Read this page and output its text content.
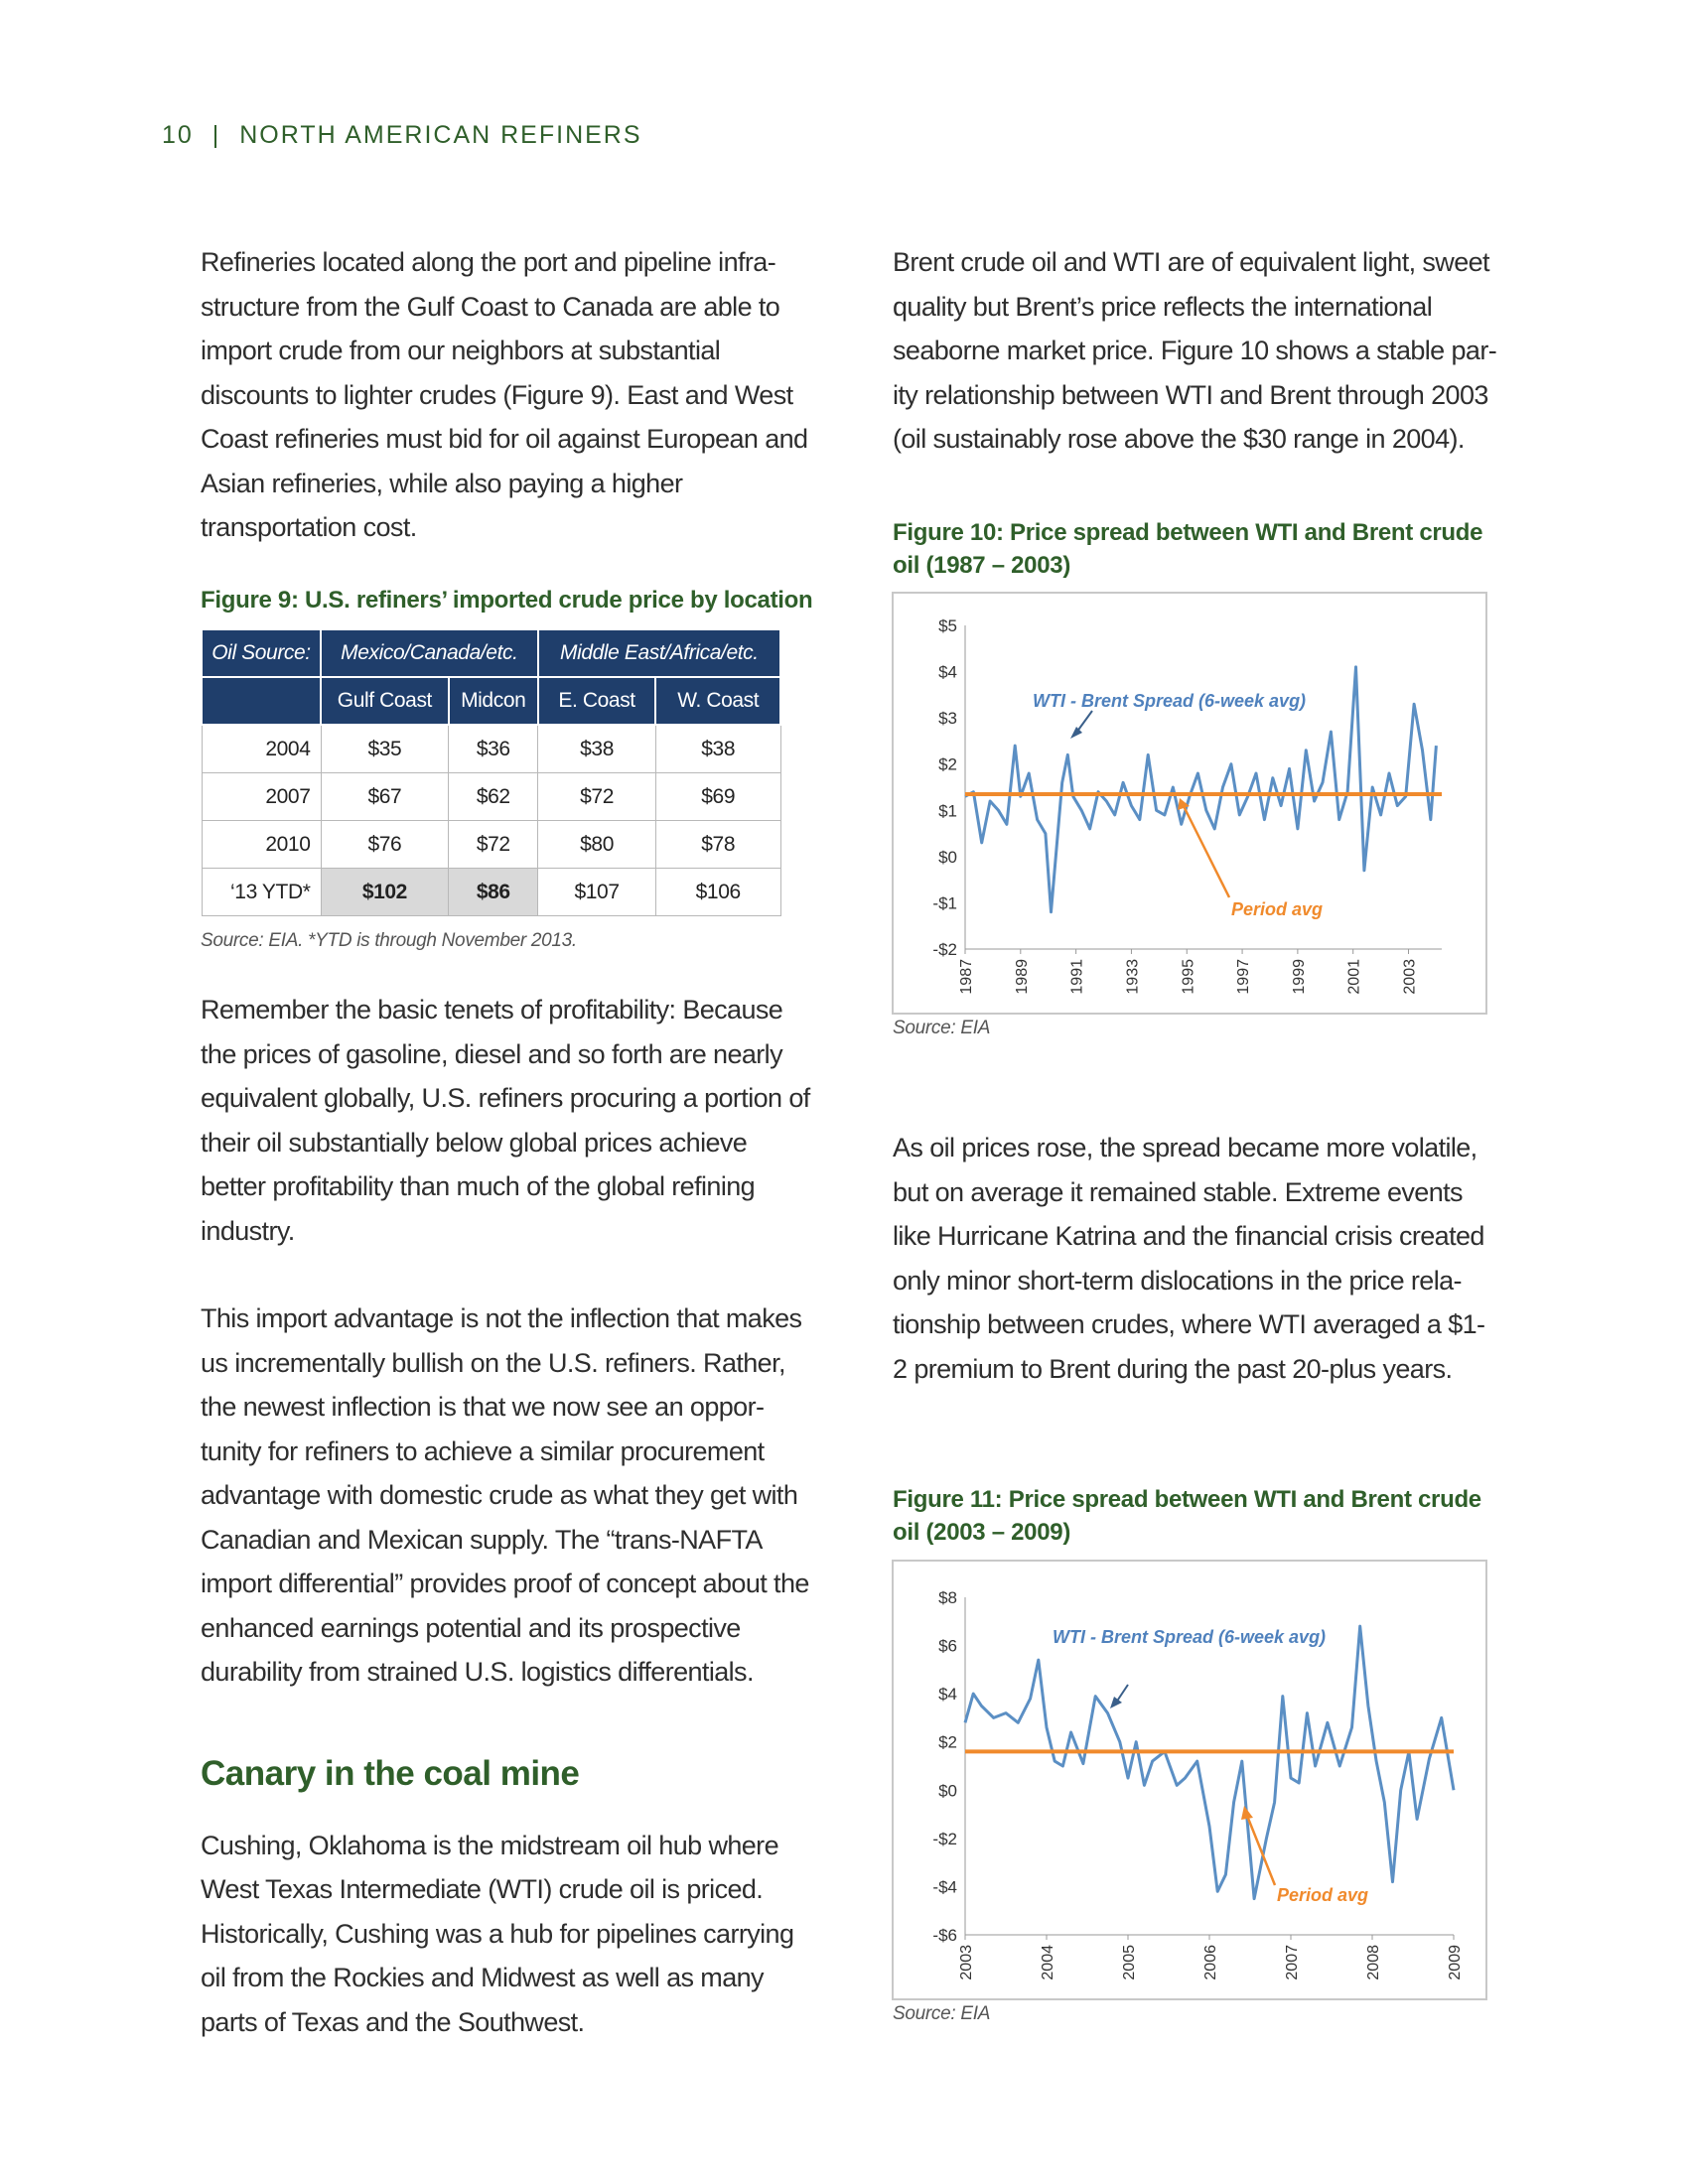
10 | NORTH AMERICAN REFINERS

Refineries located along the port and pipeline infra-structure from the Gulf Coast to Canada are able to import crude from our neighbors at substantial discounts to lighter crudes (Figure 9). East and West Coast refineries must bid for oil against European and Asian refineries, while also paying a higher transportation cost.

Figure 9: U.S. refiners’ imported crude price by location
Oil Source:	Mexico/Canada/etc.		Middle East/Africa/etc.	
	Gulf Coast	Midcon	E. Coast	W. Coast
2004	$35	$36	$38	$38
2007	$67	$62	$72	$69
2010	$76	$72	$80	$78
‘13 YTD*	$102	$86	$107	$106
Source: EIA. *YTD is through November 2013.

Remember the basic tenets of profitability: Because the prices of gasoline, diesel and so forth are nearly equivalent globally, U.S. refiners procuring a portion of their oil substantially below global prices achieve better profitability than much of the global refining industry.

This import advantage is not the inflection that makes us incrementally bullish on the U.S. refiners. Rather, the newest inflection is that we now see an oppor-tunity for refiners to achieve a similar procurement advantage with domestic crude as what they get with Canadian and Mexican supply. The “trans-NAFTA import differential” provides proof of concept about the enhanced earnings potential and its prospective durability from strained U.S. logistics differentials.

Canary in the coal mine

Cushing, Oklahoma is the midstream oil hub where West Texas Intermediate (WTI) crude oil is priced. Historically, Cushing was a hub for pipelines carrying oil from the Rockies and Midwest as well as many parts of Texas and the Southwest.

Brent crude oil and WTI are of equivalent light, sweet quality but Brent’s price reflects the international seaborne market price. Figure 10 shows a stable par-ity relationship between WTI and Brent through 2003 (oil sustainably rose above the $30 range in 2004).

Figure 10: Price spread between WTI and Brent crude oil (1987 – 2003)
$5
$4
$3
$2
$1
$0
-$1
-$2
1987 1989 1991 1933 1995 1997 1999 2001 2003
WTI - Brent Spread (6-week avg)
Period avg
Source: EIA

As oil prices rose, the spread became more volatile, but on average it remained stable. Extreme events like Hurricane Katrina and the financial crisis created only minor short-term dislocations in the price rela-tionship between crudes, where WTI averaged a $1-2 premium to Brent during the past 20-plus years.

Figure 11: Price spread between WTI and Brent crude oil (2003 – 2009)
$8
$6
$4
$2
$0
-$2
-$4
-$6
2003	2004	2005	2006	2007	2008	2009
WTI - Brent Spread (6-week avg)
Period avg
Source: EIA
